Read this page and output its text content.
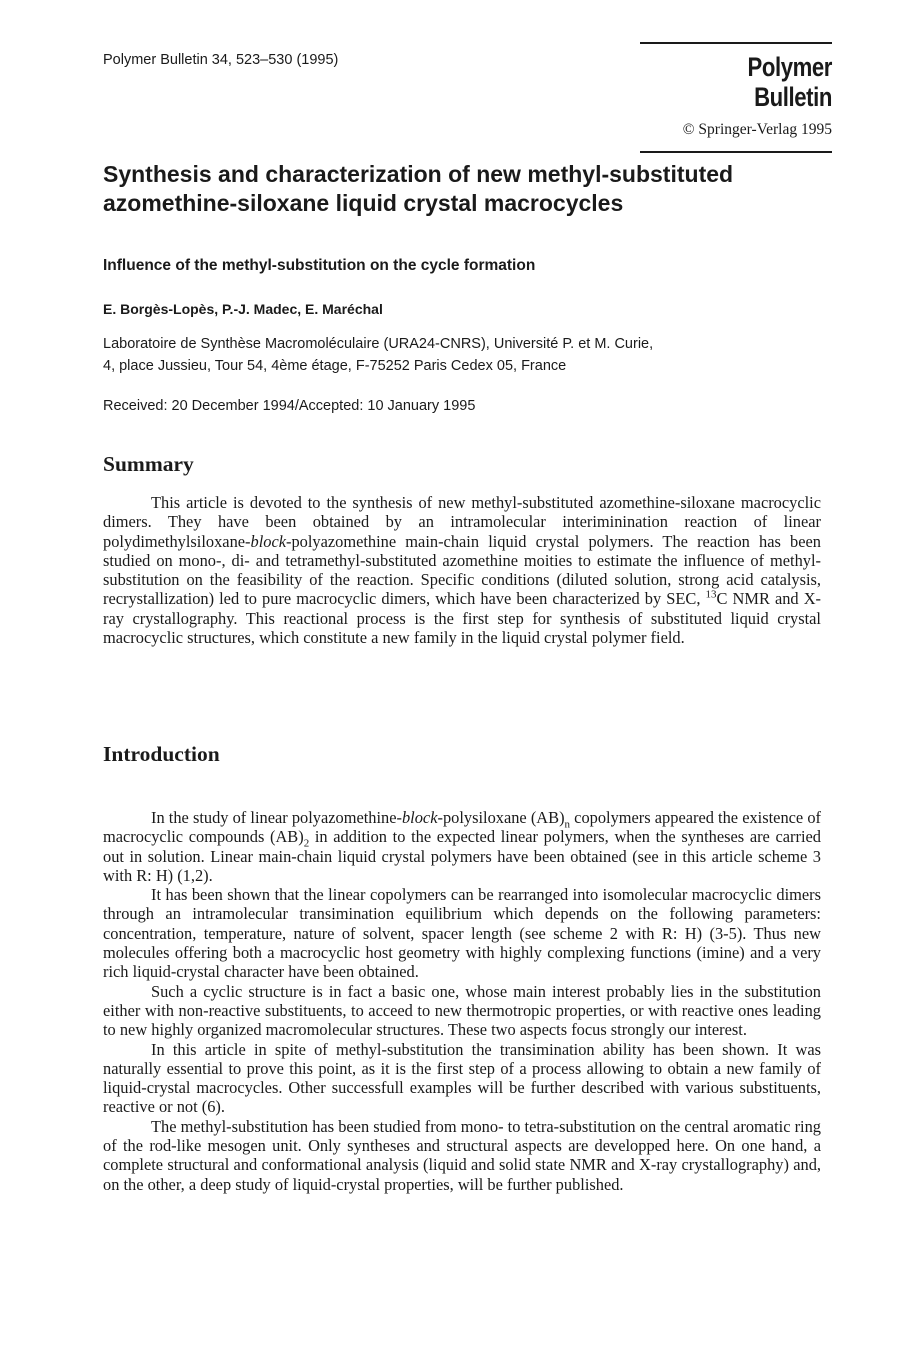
Polymer Bulletin 34, 523–530 (1995)	Polymer Bulletin
© Springer-Verlag 1995
Synthesis and characterization of new methyl-substituted azomethine-siloxane liquid crystal macrocycles
Influence of the methyl-substitution on the cycle formation
E. Borgès-Lopès, P.-J. Madec, E. Maréchal
Laboratoire de Synthèse Macromoléculaire (URA24-CNRS), Université P. et M. Curie,
4, place Jussieu, Tour 54, 4ème étage, F-75252 Paris Cedex 05, France
Received: 20 December 1994/Accepted: 10 January 1995
Summary

This article is devoted to the synthesis of new methyl-substituted azomethine-siloxane macrocyclic dimers. They have been obtained by an intramolecular interiminination reaction of linear polydimethylsiloxane-block-polyazomethine main-chain liquid crystal polymers. The reaction has been studied on mono-, di- and tetramethyl-substituted azomethine moities to estimate the influence of methyl-substitution on the feasibility of the reaction. Specific conditions (diluted solution, strong acid catalysis, recrystallization) led to pure macrocyclic dimers, which have been characterized by SEC, $^{13}$C NMR and X-ray crystallography. This reactional process is the first step for synthesis of substituted liquid crystal macrocyclic structures, which constitute a new family in the liquid crystal polymer field.

Introduction

In the study of linear polyazomethine-block-polysiloxane $(AB)_n$ copolymers appeared the existence of macrocyclic compounds $(AB)_2$ in addition to the expected linear polymers, when the syntheses are carried out in solution. Linear main-chain liquid crystal polymers have been obtained (see in this article scheme 3 with R: H) (1,2).

It has been shown that the linear copolymers can be rearranged into isomolecular macrocyclic dimers through an intramolecular transimination equilibrium which depends on the following parameters: concentration, temperature, nature of solvent, spacer length (see scheme 2 with R: H) (3-5). Thus new molecules offering both a macrocyclic host geometry with highly complexing functions (imine) and a very rich liquid-crystal character have been obtained.

Such a cyclic structure is in fact a basic one, whose main interest probably lies in the substitution either with non-reactive substituents, to acceed to new thermotropic properties, or with reactive ones leading to new highly organized macromolecular structures. These two aspects focus strongly our interest.

In this article in spite of methyl-substitution the transimination ability has been shown. It was naturally essential to prove this point, as it is the first step of a process allowing to obtain a new family of liquid-crystal macrocycles. Other successfull examples will be further described with various substituents, reactive or not (6).

The methyl-substitution has been studied from mono- to tetra-substitution on the central aromatic ring of the rod-like mesogen unit. Only syntheses and structural aspects are developped here. On one hand, a complete structural and conformational analysis (liquid and solid state NMR and X-ray crystallography) and, on the other, a deep study of liquid-crystal properties, will be further published.
